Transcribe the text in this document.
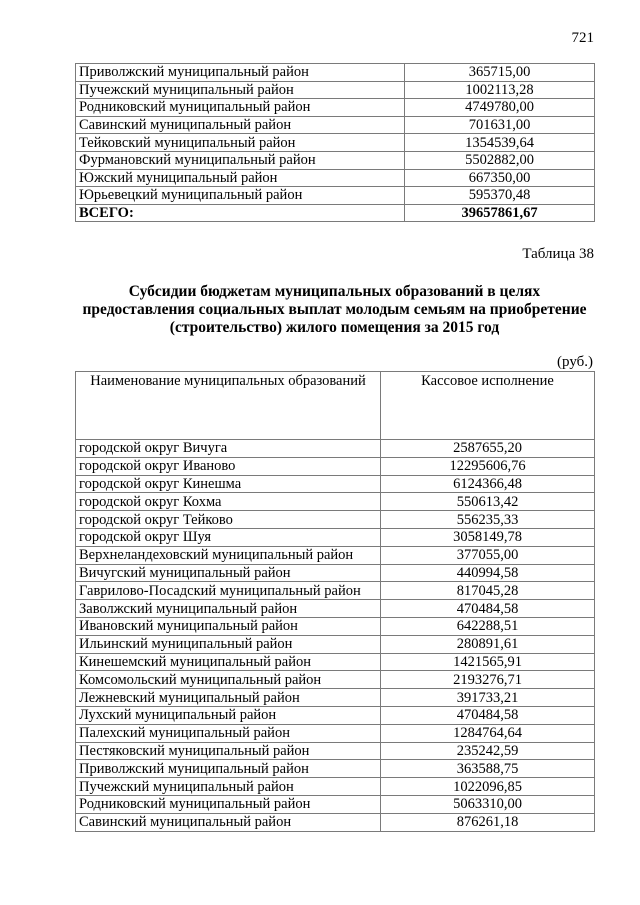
721
Приволжский муниципальный район	365715,00
Пучежский муниципальный район	1002113,28
Родниковский муниципальный район	4749780,00
Савинский муниципальный район	701631,00
Тейковский муниципальный район	1354539,64
Фурмановский муниципальный район	5502882,00
Южский муниципальный район	667350,00
Юрьевецкий муниципальный район	595370,48
ВСЕГО:	39657861,67
Таблица 38
Субсидии бюджетам муниципальных образований в целях
предоставления социальных выплат молодым семьям на приобретение
(строительство) жилого помещения за 2015 год
(руб.)
Наименование муниципальных образований	Кассовое исполнение
городской округ Вичуга	2587655,20
городской округ Иваново	12295606,76
городской округ Кинешма	6124366,48
городской округ Кохма	550613,42
городской округ Тейково	556235,33
городской округ Шуя	3058149,78
Верхнеландеховский муниципальный район	377055,00
Вичугский муниципальный район	440994,58
Гаврилово-Посадский муниципальный район	817045,28
Заволжский муниципальный район	470484,58
Ивановский муниципальный район	642288,51
Ильинский муниципальный район	280891,61
Кинешемский муниципальный район	1421565,91
Комсомольский муниципальный район	2193276,71
Лежневский муниципальный район	391733,21
Лухский муниципальный район	470484,58
Палехский муниципальный район	1284764,64
Пестяковский муниципальный район	235242,59
Приволжский муниципальный район	363588,75
Пучежский муниципальный район	1022096,85
Родниковский муниципальный район	5063310,00
Савинский муниципальный район	876261,18
